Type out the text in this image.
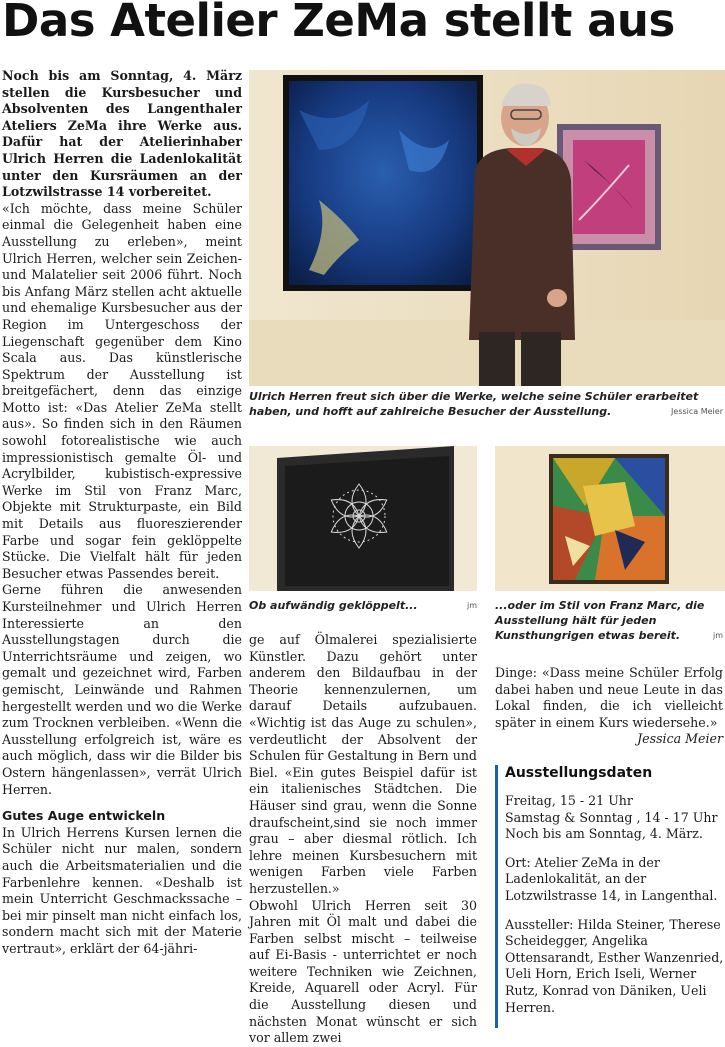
Das Atelier ZeMa stellt aus

Noch bis am Sonntag, 4. März stellen die Kursbesucher und Absolventen des Langenthaler Ateliers ZeMa ihre Werke aus. Dafür hat der Atelierinhaber Ulrich Herren die Ladenlokalität unter den Kursräumen an der Lotzwilstrasse 14 vorbereitet.

«Ich möchte, dass meine Schüler einmal die Gelegenheit haben eine Ausstellung zu erleben», meint Ulrich Herren, welcher sein Zeichen- und Malatelier seit 2006 führt. Noch bis Anfang März stellen acht aktuelle und ehemalige Kursbesucher aus der Region im Untergeschoss der Liegenschaft gegenüber dem Kino Scala aus. Das künstlerische Spektrum der Ausstellung ist breitgefächert, denn das einzige Motto ist: «Das Atelier ZeMa stellt aus». So finden sich in den Räumen sowohl fotorealistische wie auch impressionistisch gemalte Öl- und Acrylbilder, kubistisch-expressive Werke im Stil von Franz Marc, Objekte mit Strukturpaste, ein Bild mit Details aus fluoreszierender Farbe und sogar fein geklöppelte Stücke. Die Vielfalt hält für jeden Besucher etwas Passendes bereit.

Gerne führen die anwesenden Kursteilnehmer und Ulrich Herren Interessierte an den Ausstellungstagen durch die Unterrichtsräume und zeigen, wo gemalt und gezeichnet wird, Farben gemischt, Leinwände und Rahmen hergestellt werden und wo die Werke zum Trocknen verbleiben. «Wenn die Ausstellung erfolgreich ist, wäre es auch möglich, dass wir die Bilder bis Ostern hängenlassen», verrät Ulrich Herren.

Gutes Auge entwickeln

In Ulrich Herrens Kursen lernen die Schüler nicht nur malen, sondern auch die Arbeitsmaterialien und die Farbenlehre kennen. «Deshalb ist mein Unterricht Geschmackssache – bei mir pinselt man nicht einfach los, sondern macht sich mit der Materie vertraut», erklärt der 64-jähri-

Ulrich Herren freut sich über die Werke, welche seine Schüler erarbeitet haben, und hofft auf zahlreiche Besucher der Ausstellung.	Jessica Meier
Ob aufwändig geklöppelt...	jm ...oder im Stil von Franz Marc, die Ausstellung hält für jeden Kunsthungrigen etwas bereit.	jm

ge auf Ölmalerei spezialisierte Künstler. Dazu gehört unter anderem den Bildaufbau in der Theorie kennenzulernen, um darauf Details aufzubauen. «Wichtig ist das Auge zu schulen», verdeutlicht der Absolvent der Schulen für Gestaltung in Bern und Biel. «Ein gutes Beispiel dafür ist ein italienisches Städtchen. Die Häuser sind grau, wenn die Sonne draufscheint,sind sie noch immer grau – aber diesmal rötlich. Ich lehre meinen Kursbesuchern mit wenigen Farben viele Farben herzustellen.»

Obwohl Ulrich Herren seit 30 Jahren mit Öl malt und dabei die Farben selbst mischt – teilweise auf Ei-Basis - unterrichtet er noch weitere Techniken wie Zeichnen, Kreide, Aquarell oder Acryl. Für die Ausstellung diesen und nächsten Monat wünscht er sich vor allem zwei

Dinge: «Dass meine Schüler Erfolg dabei haben und neue Leute in das Lokal finden, die ich vielleicht später in einem Kurs wiedersehe.»

Jessica Meier

Ausstellungsdaten

Freitag, 15 - 21 Uhr
Samstag & Sonntag , 14 - 17 Uhr
Noch bis am Sonntag, 4. März.

Ort: Atelier ZeMa in der Ladenlokalität, an der Lotzwilstrasse 14, in Langenthal.

Aussteller: Hilda Steiner, Therese Scheidegger, Angelika Ottensarandt, Esther Wanzenried, Ueli Horn, Erich Iseli, Werner Rutz, Konrad von Däniken, Ueli Herren.
